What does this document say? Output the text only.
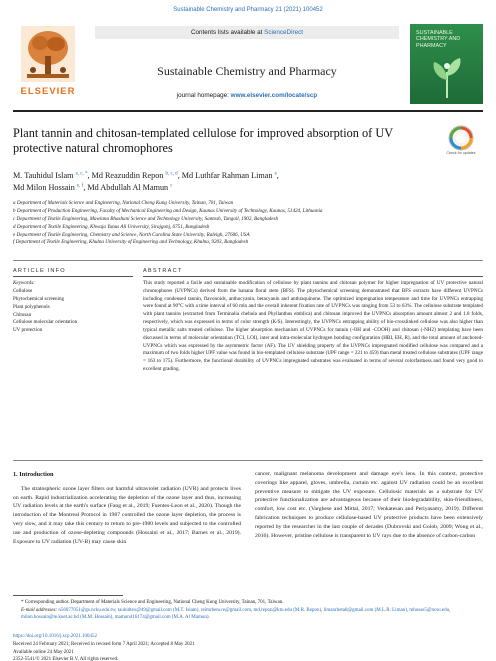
Sustainable Chemistry and Pharmacy 21 (2021) 100452
ELSEVIER
Contents lists available at ScienceDirect
Sustainable Chemistry and Pharmacy
journal homepage: www.elsevier.com/locate/scp
SUSTAINABLE CHEMISTRY AND PHARMACY
Plant tannin and chitosan-templated cellulose for improved absorption of UV protective natural chromophores	Check for updates
M. Tauhidul Islam $^{a, c, *}$, Md Reazuddin Repon $^{b, c, d}$, Md Luthfar Rahman Liman $^e$,
Md Milon Hossain $^{e, f}$, Md Abdullah Al Mamun $^c$
a Department of Materials Science and Engineering, National Cheng Kung University, Tainan, 701, Taiwan
b Department of Production Engineering, Faculty of Mechanical Engineering and Design, Kaunas University of Technology, Kaunas, 51424, Lithuania
c Department of Textile Engineering, Mawlana Bhashani Science and Technology University, Santosh, Tangail, 1902, Bangladesh
d Department of Textile Engineering, Khwaja Yunus Ali University, Sirajgonj, 6751, Bangladesh
e Department of Textile Engineering, Chemistry and Science, North Carolina State University, Raleigh, 27606, USA
f Department of Textile Engineering, Khulna University of Engineering and Technology, Khulna, 9203, Bangladesh
ARTICLE INFO	ABSTRACT
Keywords:
Cellulose
Phytochemical screening
Plant polyphenols
Chitosan
Cellulose molecular orientation
UV protection
This study reported a facile and sustainable modification of cellulose by plant tannins and chitosan polymer for higher impregnation of UV protective natural chromophores (UVPNCs) derived from the banana floral stem (BFS). The phytochemical screening demonstrated that BFS extracts have different UVPNCs including condensed tannin, flavonoids, anthocyanin, betacyanin and anthraquinone. The optimized impregnation temperature and time for UVPNCs entrapping were found at 90°C with a time interval of 60 min and the overall inherent fixation rate of UVPNCs was ranging from 53 to 63%. The cellulose substrate templated with plant tannins (extracted from Terminalia chebula and Phyllanthus emblica) and chitosan improved the UVPNCs absorption amount almost 2 and 1.8 folds, respectively, which was expressed in terms of color strength (K/S). Interestingly, the UVPNCs entrapping ability of bio-crosslinked cellulose was also higher than typical metallic salts treated cellulose. The higher absorption mechanism of UVPNCs for tannin (-OH and -COOH) and chitosan (-NH2) templating have been discussed in terms of molecular orientation (TCI, LOI), inter and intra-molecular hydrogen bonding configuration (HBI, EH, R), and the total amount of anchored-UVPNCs which was expressed by the asymmetric factor (AF). The UV shielding property of the UVPNCs impregnated modified cellulose was compared and a maximum of two folds higher UPF value was found in bio-templated cellulose substrate (UPF range = 221 to 459) than metal treated cellulose substrates (UPF range = 163 to 175). Furthermore, the functional durability of UVPNCs impregnated substrates was evaluated in terms of several colorfastness and found very good to excellent grading.
1. Introduction

The stratospheric ozone layer filters out harmful ultraviolet radiation (UVR) and protects lives on earth. Rapid industrialization accelerating the depletion of the ozone layer and thus, increasing UV radiation levels at the earth's surface (Fang et al., 2019; Fuentes-Leon et al., 2020). Though the introduction of the Montreal Protocol in 1987 controlled the ozone layer depletion, the process is very slow, and it may take this century to return to pre-1980 levels and subjected to the controlled use and production of ozone-depleting compounds (Hossaini et al., 2017; Barnes et al., 2019). Exposure to UV radiation (UV-B) may cause skin

cancer, malignant melanoma development and damage eye's lens. In this context, protective coverings like apparel, gloves, umbrella, curtain etc. against UV radiation could be an excellent preventive measure to mitigate the UV exposure. Cellulosic materials as a substrate for UV protective functionalization are advantageous because of their biodegradability, skin-friendliness, comfort, low cost etc. (Varghese and Mittal, 2017; Venkatesan and Periyasamy, 2019). Different fabrication techniques to produce cellulose-based UV protective products have been extensively reported by the researcher in the last couple of decades (Dubrovski and Golob, 2009; Wong et al., 2016). However, pristine cellulose is transparent to UV rays due to the absence of carbon-carbon

* Corresponding author. Department of Materials Science and Engineering, National Cheng Kung University, Tainan, 701, Taiwan.
E-mail addresses: n56077051@gs.ncku.edu.tw, tauhidtex@49@gmail.com (M.T. Islam), reimrbeta.re@gmail.com, md.repon@ktu.edu (M.R. Repon), limanrbeta8@gmail.com (M.L.R. Liman), mhosse5@ncsu.edu, milon.hossain@te.kuet.ac.bd (M.M. Hossain), mamun416174@gmail.com (M.A. Al Mamun).
https://doi.org/10.1016/j.scp.2021.100452
Received 24 February 2021; Received in revised form 7 April 2021; Accepted 8 May 2021
Available online 24 May 2021
2352-5541/© 2021 Elsevier B.V. All rights reserved.
